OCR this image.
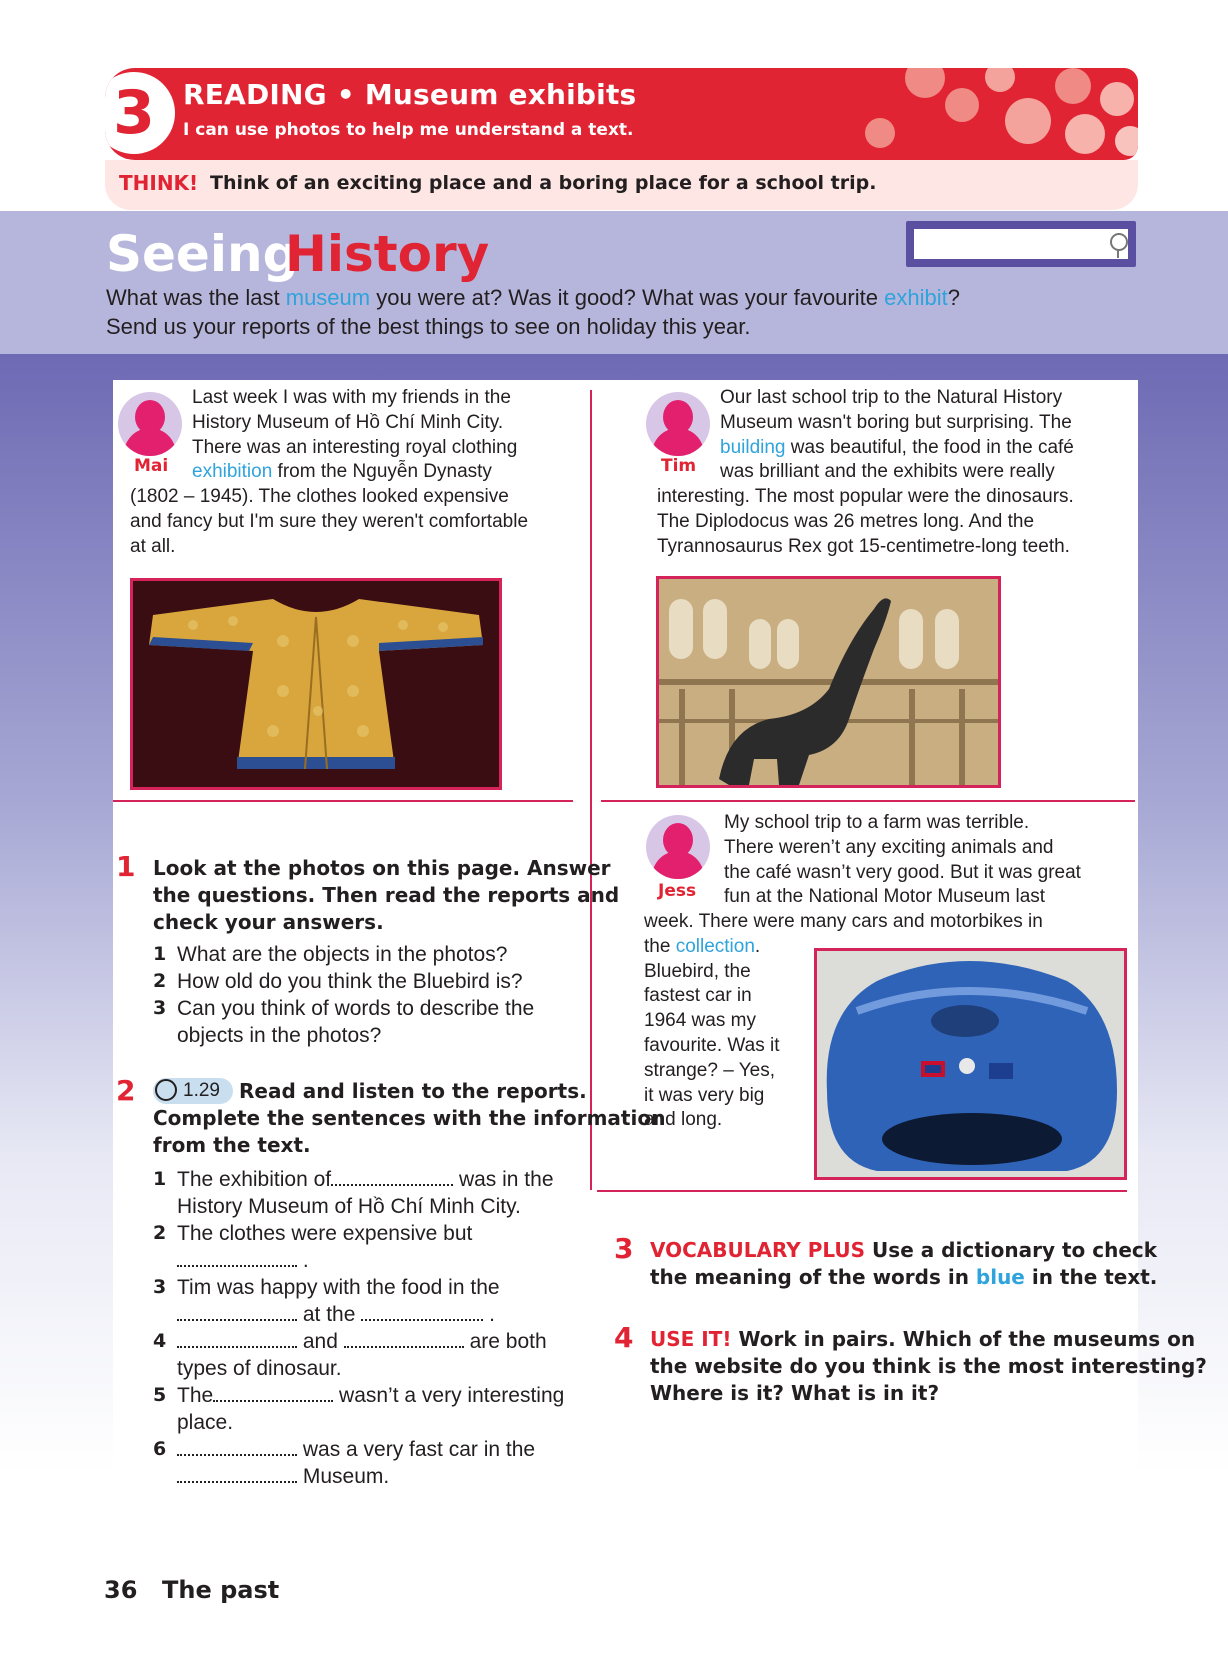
3	READING • Museum exhibits
I can use photos to help me understand a text.
THINK! Think of an exciting place and a boring place for a school trip.
Seeing
History
What was the last museum you were at? Was it good? What was your favourite exhibit?
Send us your reports of the best things to see on holiday this year.
Mai
Last week I was with my friends in the
History Museum of Hồ Chí Minh City.
There was an interesting royal clothing
exhibition from the Nguyễn Dynasty
(1802 – 1945). The clothes looked expensive
and fancy but I'm sure they weren't comfortable
at all.
Tim
Our last school trip to the Natural History
Museum wasn't boring but surprising. The
building was beautiful, the food in the café
was brilliant and the exhibits were really
interesting. The most popular were the dinosaurs.
The Diplodocus was 26 metres long. And the
Tyrannosaurus Rex got 15-centimetre-long teeth.
Jess
My school trip to a farm was terrible.
There weren’t any exciting animals and
the café wasn’t very good. But it was great
fun at the National Motor Museum last
week. There were many cars and motorbikes in
the collection.
Bluebird, the
fastest car in
1964 was my
favourite. Was it
strange? – Yes,
it was very big
and long.
1 Look at the photos on this page. Answer
the questions. Then read the reports and
check your answers.
1 What are the objects in the photos?
2 How old do you think the Bluebird is?
3 Can you think of words to describe the
objects in the photos?
2	1.29 Read and listen to the reports.
Complete the sentences with the information
from the text.
1 The exhibition of	was in the
History Museum of Hồ Chí Minh City.
2 The clothes were expensive but
.
3 Tim was happy with the food in the
at the	.
4	and	are both
types of dinosaur.
5 The	wasn’t a very interesting
place.
6	was a very fast car in the
Museum.
3 VOCABULARY PLUS Use a dictionary to check
the meaning of the words in blue in the text.
4 USE IT! Work in pairs. Which of the museums on
the website do you think is the most interesting?
Where is it? What is in it?
36 The past
